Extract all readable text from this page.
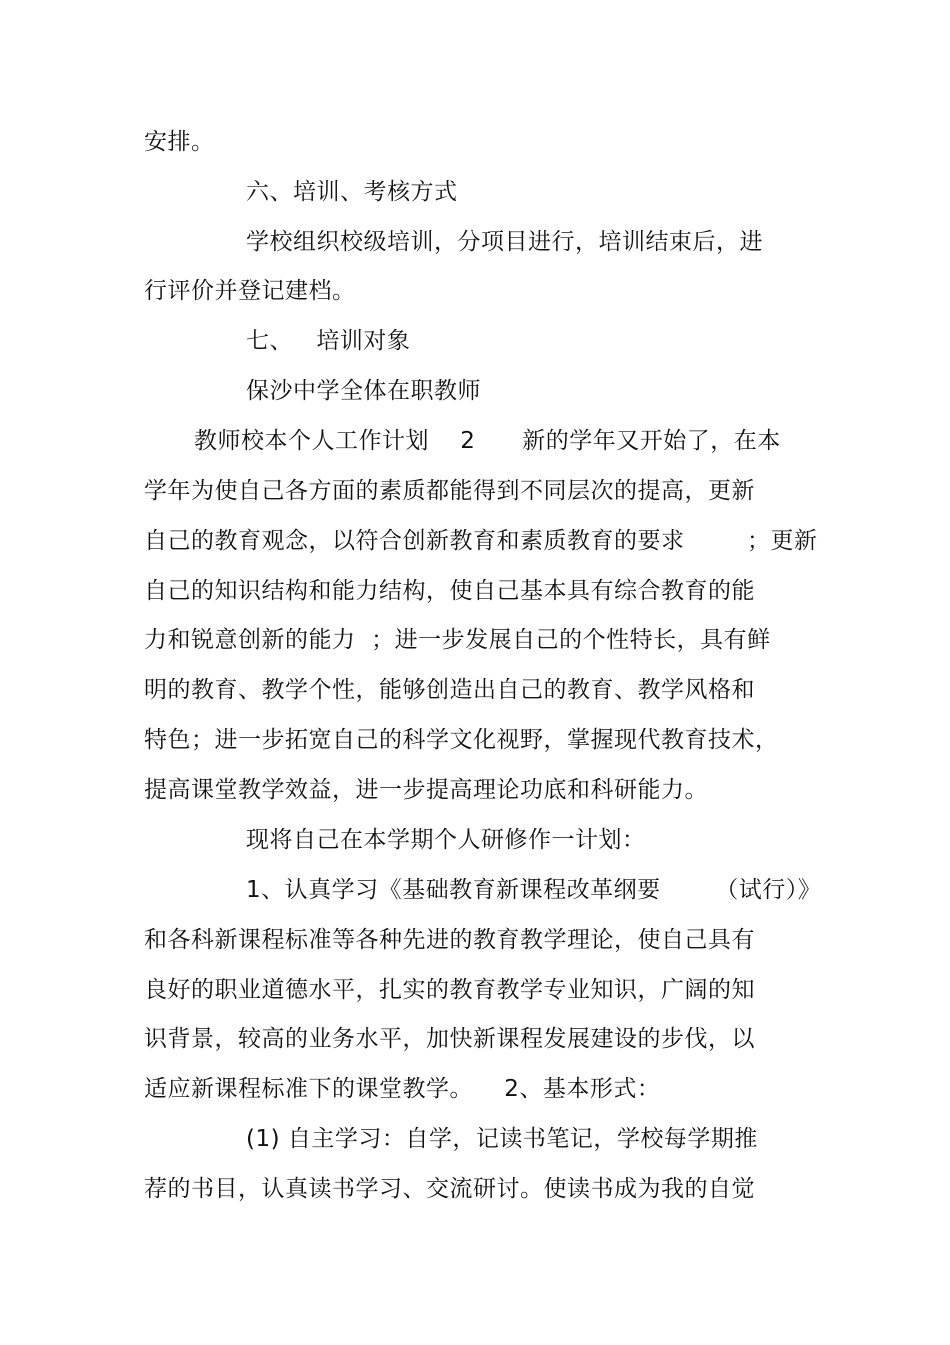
安排。
六、培训、考核方式
学校组织校级培训，分项目进行，培训结束后，进
行评价并登记建档。
七、   培训对象
保沙中学全体在职教师
教师校本个人工作计划    2      新的学年又开始了，在本
学年为使自己各方面的素质都能得到不同层次的提高，更新
自己的教育观念，以符合创新教育和素质教育的要求        ；更新
自己的知识结构和能力结构，使自己基本具有综合教育的能
力和锐意创新的能力  ；进一步发展自己的个性特长，具有鲜
明的教育、教学个性，能够创造出自己的教育、教学风格和
特色；进一步拓宽自己的科学文化视野，掌握现代教育技术，
提高课堂教学效益，进一步提高理论功底和科研能力。
现将自己在本学期个人研修作一计划：
1、认真学习《基础教育新课程改革纲要       （试行）》
和各科新课程标准等各种先进的教育教学理论，使自己具有
良好的职业道德水平，扎实的教育教学专业知识，广阔的知
识背景，较高的业务水平，加快新课程发展建设的步伐，以
适应新课程标准下的课堂教学。    2、基本形式：
(1) 自主学习：自学，记读书笔记，学校每学期推
荐的书目，认真读书学习、交流研讨。使读书成为我的自觉
